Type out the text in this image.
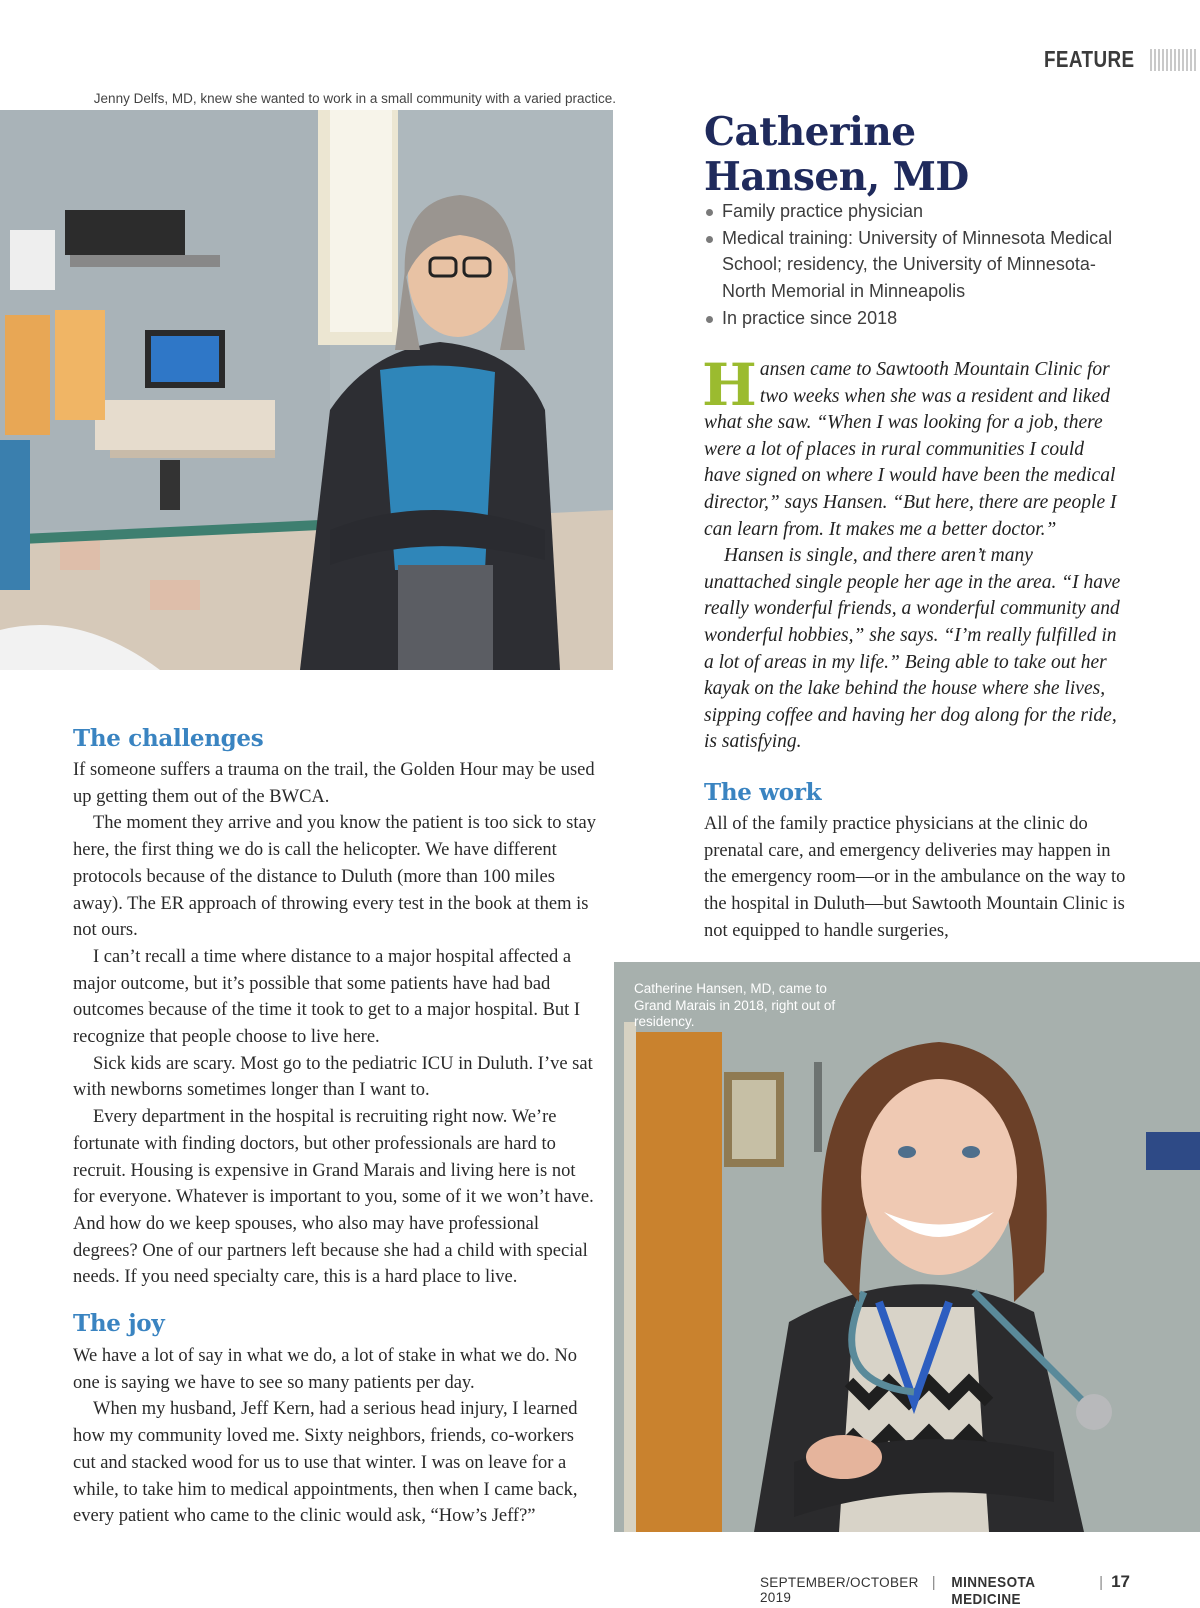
FEATURE
Jenny Delfs, MD, knew she wanted to work in a small community with a varied practice.
Catherine
Hansen, MD
Family practice physician
Medical training: University of Minnesota Medical School; residency, the University of Minnesota-North Memorial in Minneapolis
In practice since 2018

Hansen came to Sawtooth Mountain Clinic for two weeks when she was a resident and liked what she saw. “When I was looking for a job, there were a lot of places in rural communities I could have signed on where I would have been the medical director,” says Hansen. “But here, there are people I can learn from. It makes me a better doctor.”

Hansen is single, and there aren’t many unattached single people her age in the area. “I have really wonderful friends, a wonderful community and wonderful hobbies,” she says. “I’m really fulfilled in a lot of areas in my life.” Being able to take out her kayak on the lake behind the house where she lives, sipping coffee and having her dog along for the ride, is satisfying.

The challenges

If someone suffers a trauma on the trail, the Golden Hour may be used up getting them out of the BWCA.

The moment they arrive and you know the patient is too sick to stay here, the first thing we do is call the helicopter. We have different protocols because of the distance to Duluth (more than 100 miles away). The ER approach of throwing every test in the book at them is not ours.

I can’t recall a time where distance to a major hospital affected a major outcome, but it’s possible that some patients have had bad outcomes because of the time it took to get to a major hospital. But I recognize that people choose to live here.

Sick kids are scary. Most go to the pediatric ICU in Duluth. I’ve sat with newborns sometimes longer than I want to.

Every department in the hospital is recruiting right now. We’re fortunate with finding doctors, but other professionals are hard to recruit. Housing is expensive in Grand Marais and living here is not for everyone. Whatever is important to you, some of it we won’t have. And how do we keep spouses, who also may have professional degrees? One of our partners left because she had a child with special needs. If you need specialty care, this is a hard place to live.

The joy

We have a lot of say in what we do, a lot of stake in what we do. No one is saying we have to see so many patients per day.

When my husband, Jeff Kern, had a serious head injury, I learned how my community loved me. Sixty neighbors, friends, co-workers cut and stacked wood for us to use that winter. I was on leave for a while, to take him to medical appointments, then when I came back, every patient who came to the clinic would ask, “How’s Jeff?”

The work

All of the family practice physicians at the clinic do prenatal care, and emergency deliveries may happen in the emergency room—or in the ambulance on the way to the hospital in Duluth—but Sawtooth Mountain Clinic is not equipped to handle surgeries,

Catherine Hansen, MD, came to Grand Marais in 2018, right out of residency.
SEPTEMBER/OCTOBER 2019
| MINNESOTA MEDICINE
| 17
